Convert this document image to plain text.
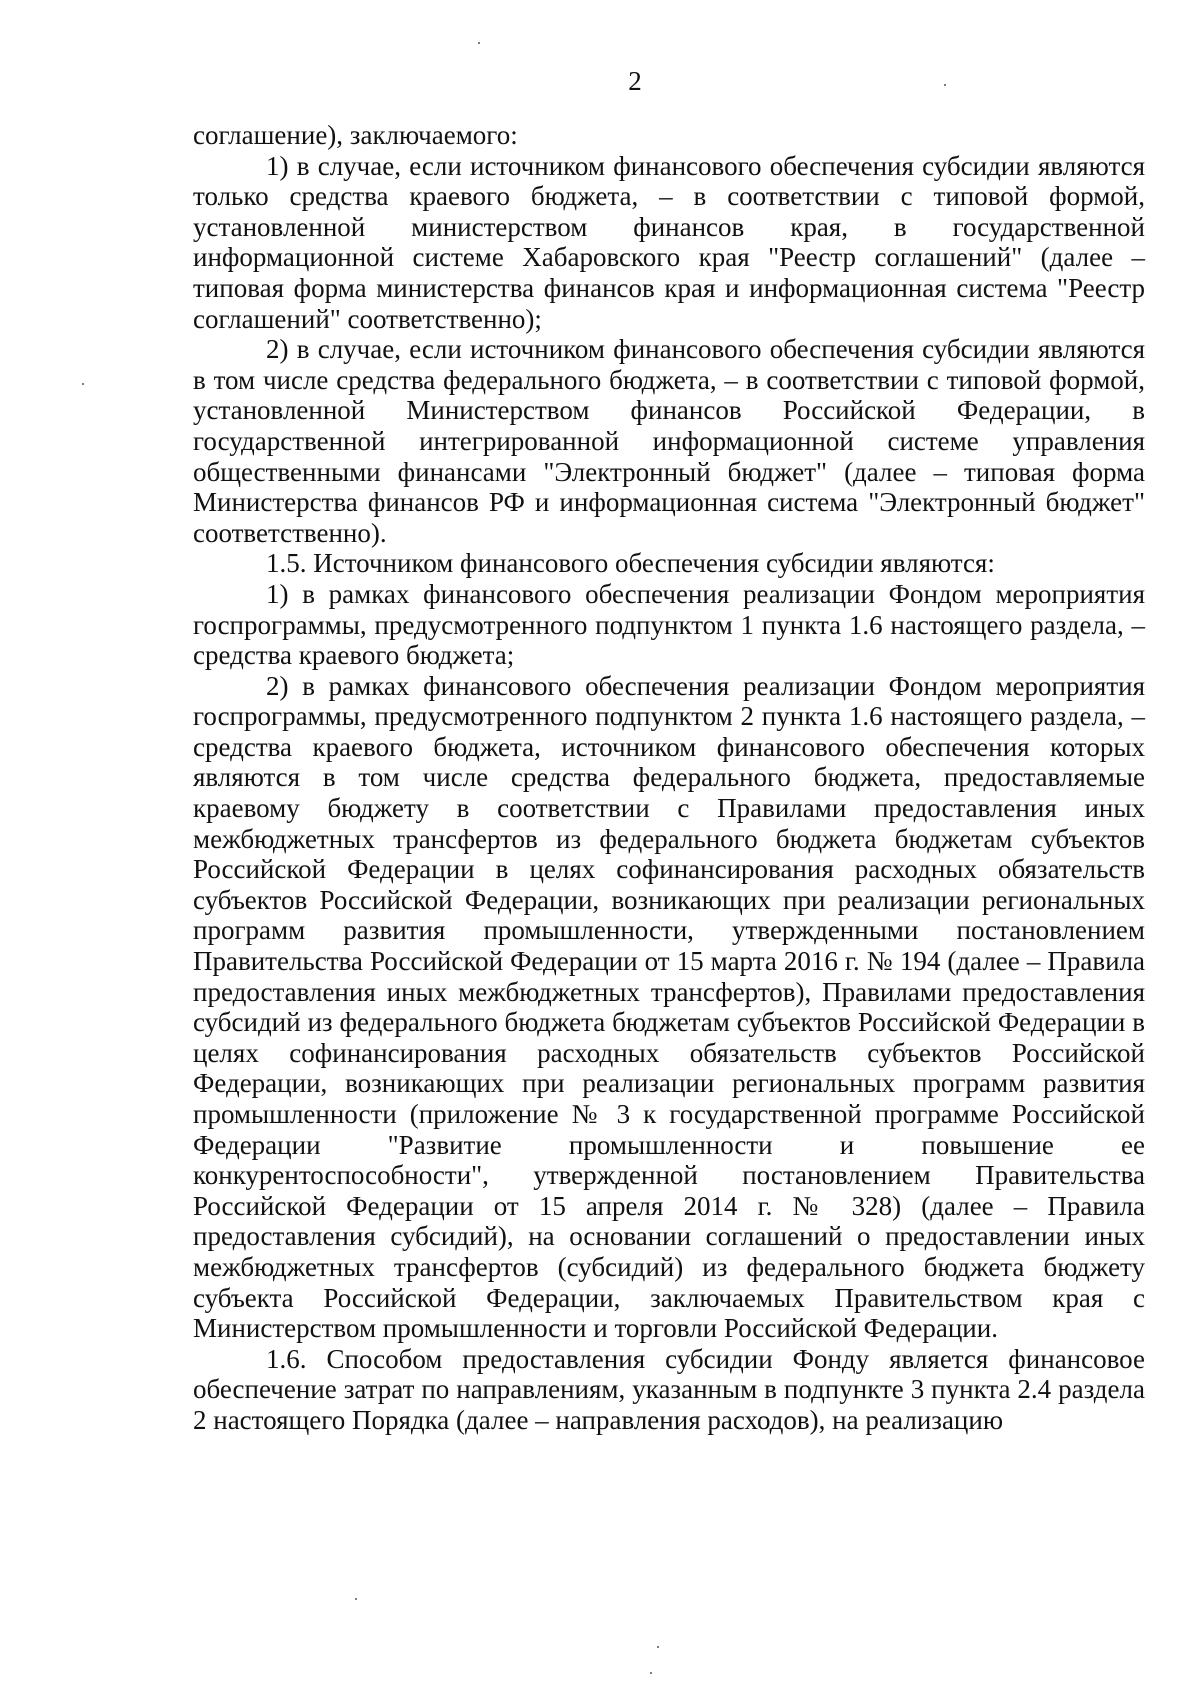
2

соглашение), заключаемого:

1) в случае, если источником финансового обеспечения субсидии являются только средства краевого бюджета, – в соответствии с типовой формой, установленной министерством финансов края, в государственной информационной системе Хабаровского края "Реестр соглашений" (далее – типовая форма министерства финансов края и информационная система "Реестр соглашений" соответственно);

2) в случае, если источником финансового обеспечения субсидии являются в том числе средства федерального бюджета, – в соответствии с типовой формой, установленной Министерством финансов Российской Федерации, в государственной интегрированной информационной системе управления общественными финансами "Электронный бюджет" (далее – типовая форма Министерства финансов РФ и информационная система "Электронный бюджет" соответственно).

1.5. Источником финансового обеспечения субсидии являются:

1) в рамках финансового обеспечения реализации Фондом мероприятия госпрограммы, предусмотренного подпунктом 1 пункта 1.6 настоящего раздела, – средства краевого бюджета;

2) в рамках финансового обеспечения реализации Фондом мероприятия госпрограммы, предусмотренного подпунктом 2 пункта 1.6 настоящего раздела, – средства краевого бюджета, источником финансового обеспечения которых являются в том числе средства федерального бюджета, предоставляемые краевому бюджету в соответствии с Правилами предоставления иных межбюджетных трансфертов из федерального бюджета бюджетам субъектов Российской Федерации в целях софинансирования расходных обязательств субъектов Российской Федерации, возникающих при реализации региональных программ развития промышленности, утвержденными постановлением Правительства Российской Федерации от 15 марта 2016 г. № 194 (далее – Правила предоставления иных межбюджетных трансфертов), Правилами предоставления субсидий из федерального бюджета бюджетам субъектов Российской Федерации в целях софинансирования расходных обязательств субъектов Российской Федерации, возникающих при реализации региональных программ развития промышленности (приложение № 3 к государственной программе Российской Федерации "Развитие промышленности и повышение ее конкурентоспособности", утвержденной постановлением Правительства Российской Федерации от 15 апреля 2014 г. № 328) (далее – Правила предоставления субсидий), на основании соглашений о предоставлении иных межбюджетных трансфертов (субсидий) из федерального бюджета бюджету субъекта Российской Федерации, заключаемых Правительством края с Министерством промышленности и торговли Российской Федерации.

1.6. Способом предоставления субсидии Фонду является финансовое обеспечение затрат по направлениям, указанным в подпункте 3 пункта 2.4 раздела 2 настоящего Порядка (далее – направления расходов), на реализацию
